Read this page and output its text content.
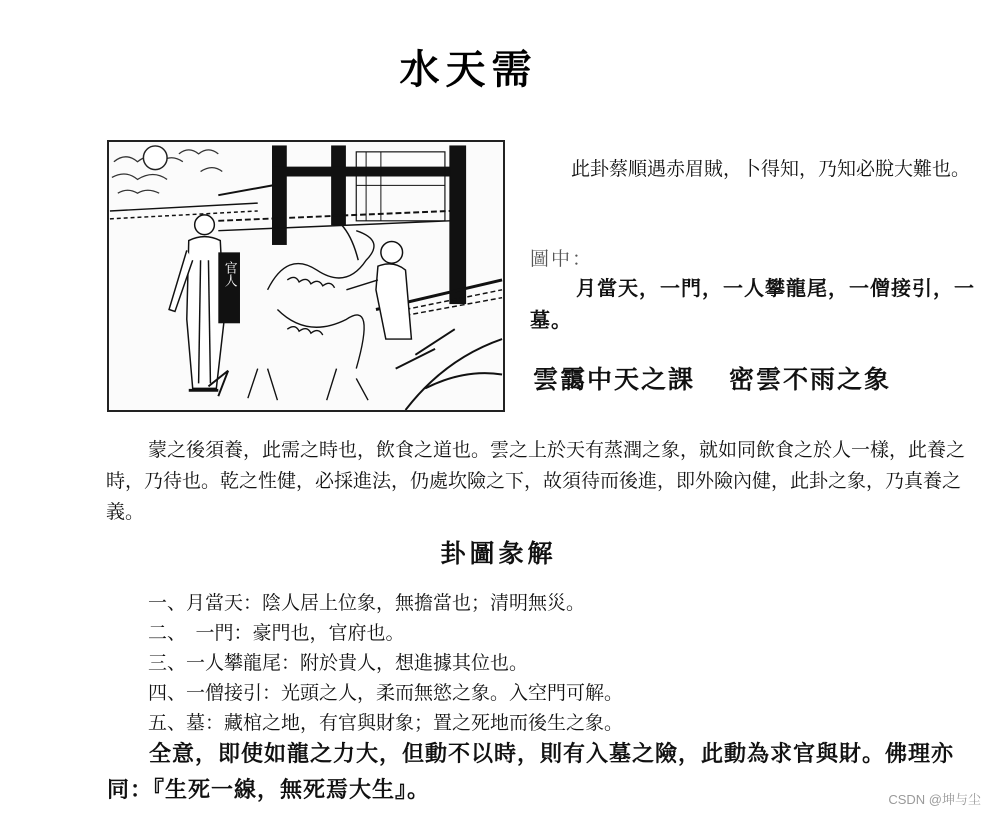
水天需
官人
此卦蔡順遇赤眉賊，卜得知，乃知必脫大難也。
圖中：
月當天，一門，一人攀龍尾，一僧接引，一墓。
雲靄中天之課 密雲不雨之象
蒙之後須養，此需之時也，飲食之道也。雲之上於天有蒸潤之象，就如同飲食之於人一樣，此養之時，乃待也。乾之性健，必採進法，仍處坎險之下，故須待而後進，即外險內健，此卦之象，乃真養之義。
卦圖彖解
一、月當天：陰人居上位象，無擔當也；清明無災。
二、　一門：豪門也，官府也。
三、一人攀龍尾：附於貴人，想進據其位也。
四、一僧接引：光頭之人，柔而無慾之象。入空門可解。
五、墓：藏棺之地，有官與財象；置之死地而後生之象。
全意，即使如龍之力大，但動不以時，則有入墓之險，此動為求官與財。佛理亦同：『生死一線，無死焉大生』。	CSDN @坤与尘
